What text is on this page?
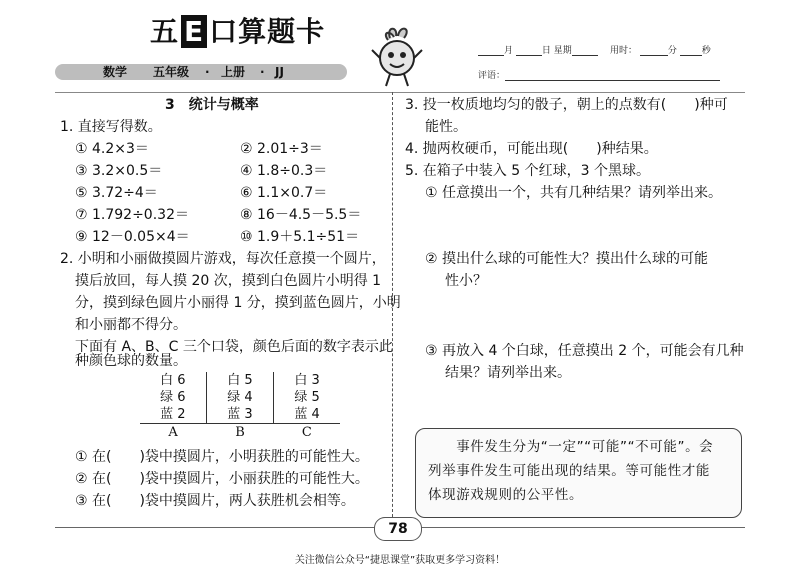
五 E 口算题卡
数学 五年级 · 上册 · JJ
月	日 星期	用时：	分	秒
评语：
3　统计与概率
1. 直接写得数。
① 4.2×3＝	② 2.01÷3＝
③ 3.2×0.5＝	④ 1.8÷0.3＝
⑤ 3.72÷4＝	⑥ 1.1×0.7＝
⑦ 1.792÷0.32＝	⑧ 16－4.5－5.5＝
⑨ 12－0.05×4＝	⑩ 1.9＋5.1÷51＝
2. 小明和小丽做摸圆片游戏，每次任意摸一个圆片，
摸后放回，每人摸 20 次，摸到白色圆片小明得 1
分，摸到绿色圆片小丽得 1 分，摸到蓝色圆片，小明
和小丽都不得分。
下面有 A、B、C 三个口袋，颜色后面的数字表示此
种颜色球的数量。
白 6	白 5	白 3
绿 6	绿 4	绿 5
蓝 2	蓝 3	蓝 4
A	B	C
① 在(　　)袋中摸圆片，小明获胜的可能性大。
② 在(　　)袋中摸圆片，小丽获胜的可能性大。
③ 在(　　)袋中摸圆片，两人获胜机会相等。
3. 投一枚质地均匀的骰子，朝上的点数有(　　)种可
能性。
4. 抛两枚硬币，可能出现(　　)种结果。
5. 在箱子中装入 5 个红球，3 个黑球。
① 任意摸出一个，共有几种结果？请列举出来。
② 摸出什么球的可能性大？摸出什么球的可能
性小？
③ 再放入 4 个白球，任意摸出 2 个，可能会有几种
结果？请列举出来。
　　事件发生分为“一定”“可能”“不可能”。会
列举事件发生可能出现的结果。等可能性才能
体现游戏规则的公平性。
78
关注微信公众号“捷思课堂”获取更多学习资料！
